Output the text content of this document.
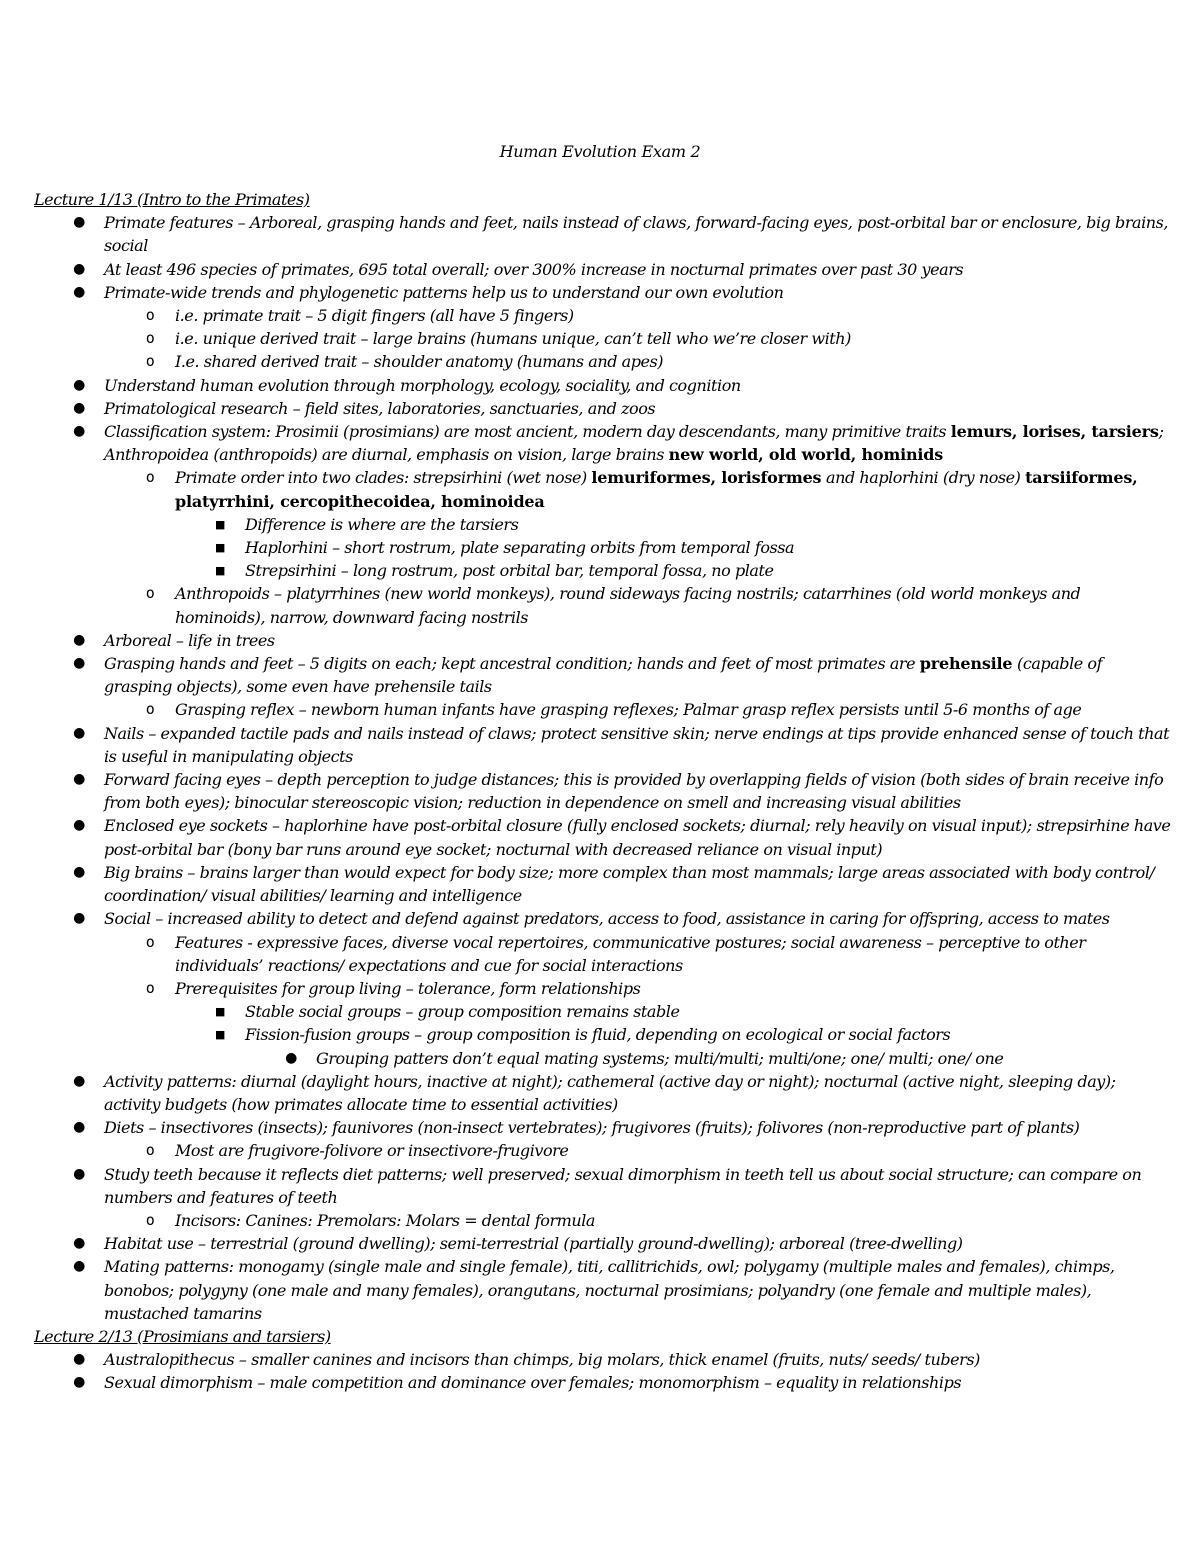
Human Evolution Exam 2
Lecture 1/13 (Intro to the Primates)
● Primate features – Arboreal, grasping hands and feet, nails instead of claws, forward-facing eyes, post-orbital bar or enclosure, big brains, social
● At least 496 species of primates, 695 total overall; over 300% increase in nocturnal primates over past 30 years
● Primate-wide trends and phylogenetic patterns help us to understand our own evolution
o	i.e. primate trait – 5 digit fingers (all have 5 fingers)
o	i.e. unique derived trait – large brains (humans unique, can’t tell who we’re closer with)
o	I.e. shared derived trait – shoulder anatomy (humans and apes)
● Understand human evolution through morphology, ecology, sociality, and cognition
● Primatological research – field sites, laboratories, sanctuaries, and zoos
● Classification system: Prosimii (prosimians) are most ancient, modern day descendants, many primitive traits lemurs, lorises, tarsiers; Anthropoidea (anthropoids) are diurnal, emphasis on vision, large brains new world, old world, hominids
o	Primate order into two clades: strepsirhini (wet nose) lemuriformes, lorisformes and haplorhini (dry nose) tarsiiformes, platyrrhini, cercopithecoidea, hominoidea
■	Difference is where are the tarsiers
■	Haplorhini – short rostrum, plate separating orbits from temporal fossa
■	Strepsirhini – long rostrum, post orbital bar, temporal fossa, no plate
o	Anthropoids – platyrrhines (new world monkeys), round sideways facing nostrils; catarrhines (old world monkeys and hominoids), narrow, downward facing nostrils
● Arboreal – life in trees
● Grasping hands and feet – 5 digits on each; kept ancestral condition; hands and feet of most primates are prehensile (capable of grasping objects), some even have prehensile tails
o	Grasping reflex – newborn human infants have grasping reflexes; Palmar grasp reflex persists until 5-6 months of age
● Nails – expanded tactile pads and nails instead of claws; protect sensitive skin; nerve endings at tips provide enhanced sense of touch that is useful in manipulating objects
● Forward facing eyes – depth perception to judge distances; this is provided by overlapping fields of vision (both sides of brain receive info from both eyes); binocular stereoscopic vision; reduction in dependence on smell and increasing visual abilities
● Enclosed eye sockets – haplorhine have post-orbital closure (fully enclosed sockets; diurnal; rely heavily on visual input); strepsirhine have post-orbital bar (bony bar runs around eye socket; nocturnal with decreased reliance on visual input)
● Big brains – brains larger than would expect for body size; more complex than most mammals; large areas associated with body control/ coordination/ visual abilities/ learning and intelligence
● Social – increased ability to detect and defend against predators, access to food, assistance in caring for offspring, access to mates
o	Features - expressive faces, diverse vocal repertoires, communicative postures; social awareness – perceptive to other individuals’ reactions/ expectations and cue for social interactions
o	Prerequisites for group living – tolerance, form relationships
■	Stable social groups – group composition remains stable
■	Fission-fusion groups – group composition is fluid, depending on ecological or social factors
● Grouping patters don’t equal mating systems; multi/multi; multi/one; one/ multi; one/ one
● Activity patterns: diurnal (daylight hours, inactive at night); cathemeral (active day or night); nocturnal (active night, sleeping day); activity budgets (how primates allocate time to essential activities)
● Diets – insectivores (insects); faunivores (non-insect vertebrates); frugivores (fruits); folivores (non-reproductive part of plants)
o	Most are frugivore-folivore or insectivore-frugivore
● Study teeth because it reflects diet patterns; well preserved; sexual dimorphism in teeth tell us about social structure; can compare on numbers and features of teeth
o	Incisors: Canines: Premolars: Molars = dental formula
● Habitat use – terrestrial (ground dwelling); semi-terrestrial (partially ground-dwelling); arboreal (tree-dwelling)
● Mating patterns: monogamy (single male and single female), titi, callitrichids, owl; polygamy (multiple males and females), chimps, bonobos; polygyny (one male and many females), orangutans, nocturnal prosimians; polyandry (one female and multiple males), mustached tamarins
Lecture 2/13 (Prosimians and tarsiers)
● Australopithecus – smaller canines and incisors than chimps, big molars, thick enamel (fruits, nuts/ seeds/ tubers)
● Sexual dimorphism – male competition and dominance over females; monomorphism – equality in relationships
